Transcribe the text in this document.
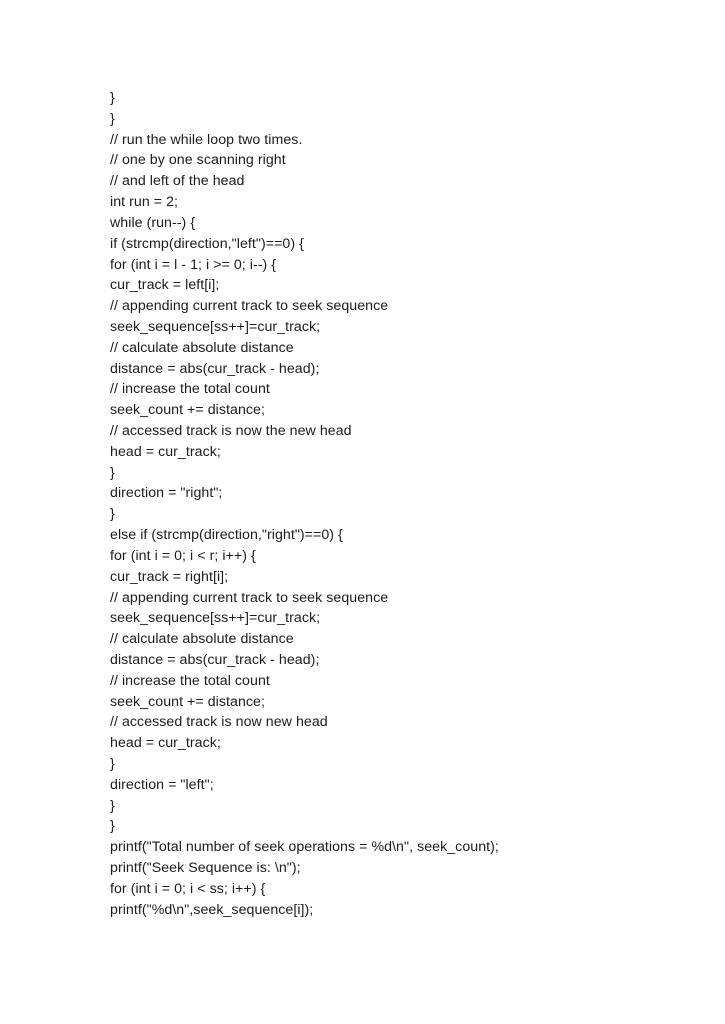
}
}
// run the while loop two times.
// one by one scanning right
// and left of the head
int run = 2;
while (run--) {
if (strcmp(direction,"left")==0) {
for (int i = l - 1; i >= 0; i--) {
cur_track = left[i];
// appending current track to seek sequence
seek_sequence[ss++]=cur_track;
// calculate absolute distance
distance = abs(cur_track - head);
// increase the total count
seek_count += distance;
// accessed track is now the new head
head = cur_track;
}
direction = "right";
}
else if (strcmp(direction,"right")==0) {
for (int i = 0; i < r; i++) {
cur_track = right[i];
// appending current track to seek sequence
seek_sequence[ss++]=cur_track;
// calculate absolute distance
distance = abs(cur_track - head);
// increase the total count
seek_count += distance;
// accessed track is now new head
head = cur_track;
}
direction = "left";
}
}
printf("Total number of seek operations = %d\n", seek_count);
printf("Seek Sequence is: \n");
for (int i = 0; i < ss; i++) {
printf("%d\n",seek_sequence[i]);
